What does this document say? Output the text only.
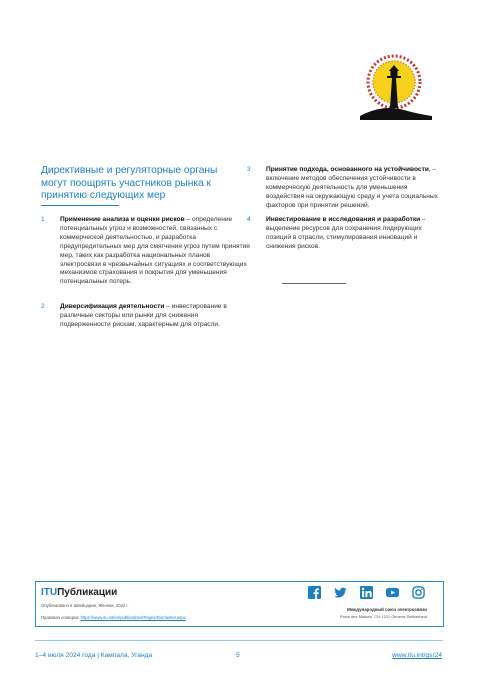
Директивные и регуляторные органы могут поощрять участников рынка к принятию следующих мер
1 Применение анализа и оценки рисков – определение потенциальных угроз и возможностей, связанных с коммерческой деятельностью, и разработка предупредительных мер для смягчения угроз путем принятия мер, таких как разработка национальных планов электросвязи в чрезвычайных ситуациях и соответствующих механизмов страхования и покрытия для уменьшения потенциальных потерь.
2 Диверсификация деятельности – инвестирование в различные секторы или рынки для снижения подверженности рискам, характерным для отрасли.
3 Принятие подхода, основанного на устойчивости, – включение методов обеспечения устойчивости в коммерческую деятельность для уменьшения воздействия на окружающую среду и учета социальных факторов при принятии решений.
4 Инвестирование в исследования и разработки – выделение ресурсов для сохранения лидирующих позиций в отрасли, стимулирования инноваций и снижения рисков.
ITUПубликации
Опубликовано в Швейцарии, Женева, 2022 г.
Правовая оговорка: https://www.itu.int/en/publications/Pages/Disclaimer.aspx
Международный союз электросвязи
Place des Nations, CH-1211 Geneva Switzerland
1–4 июля 2024 года | Кампала, Уганда	5	www.itu.int/gsr24
